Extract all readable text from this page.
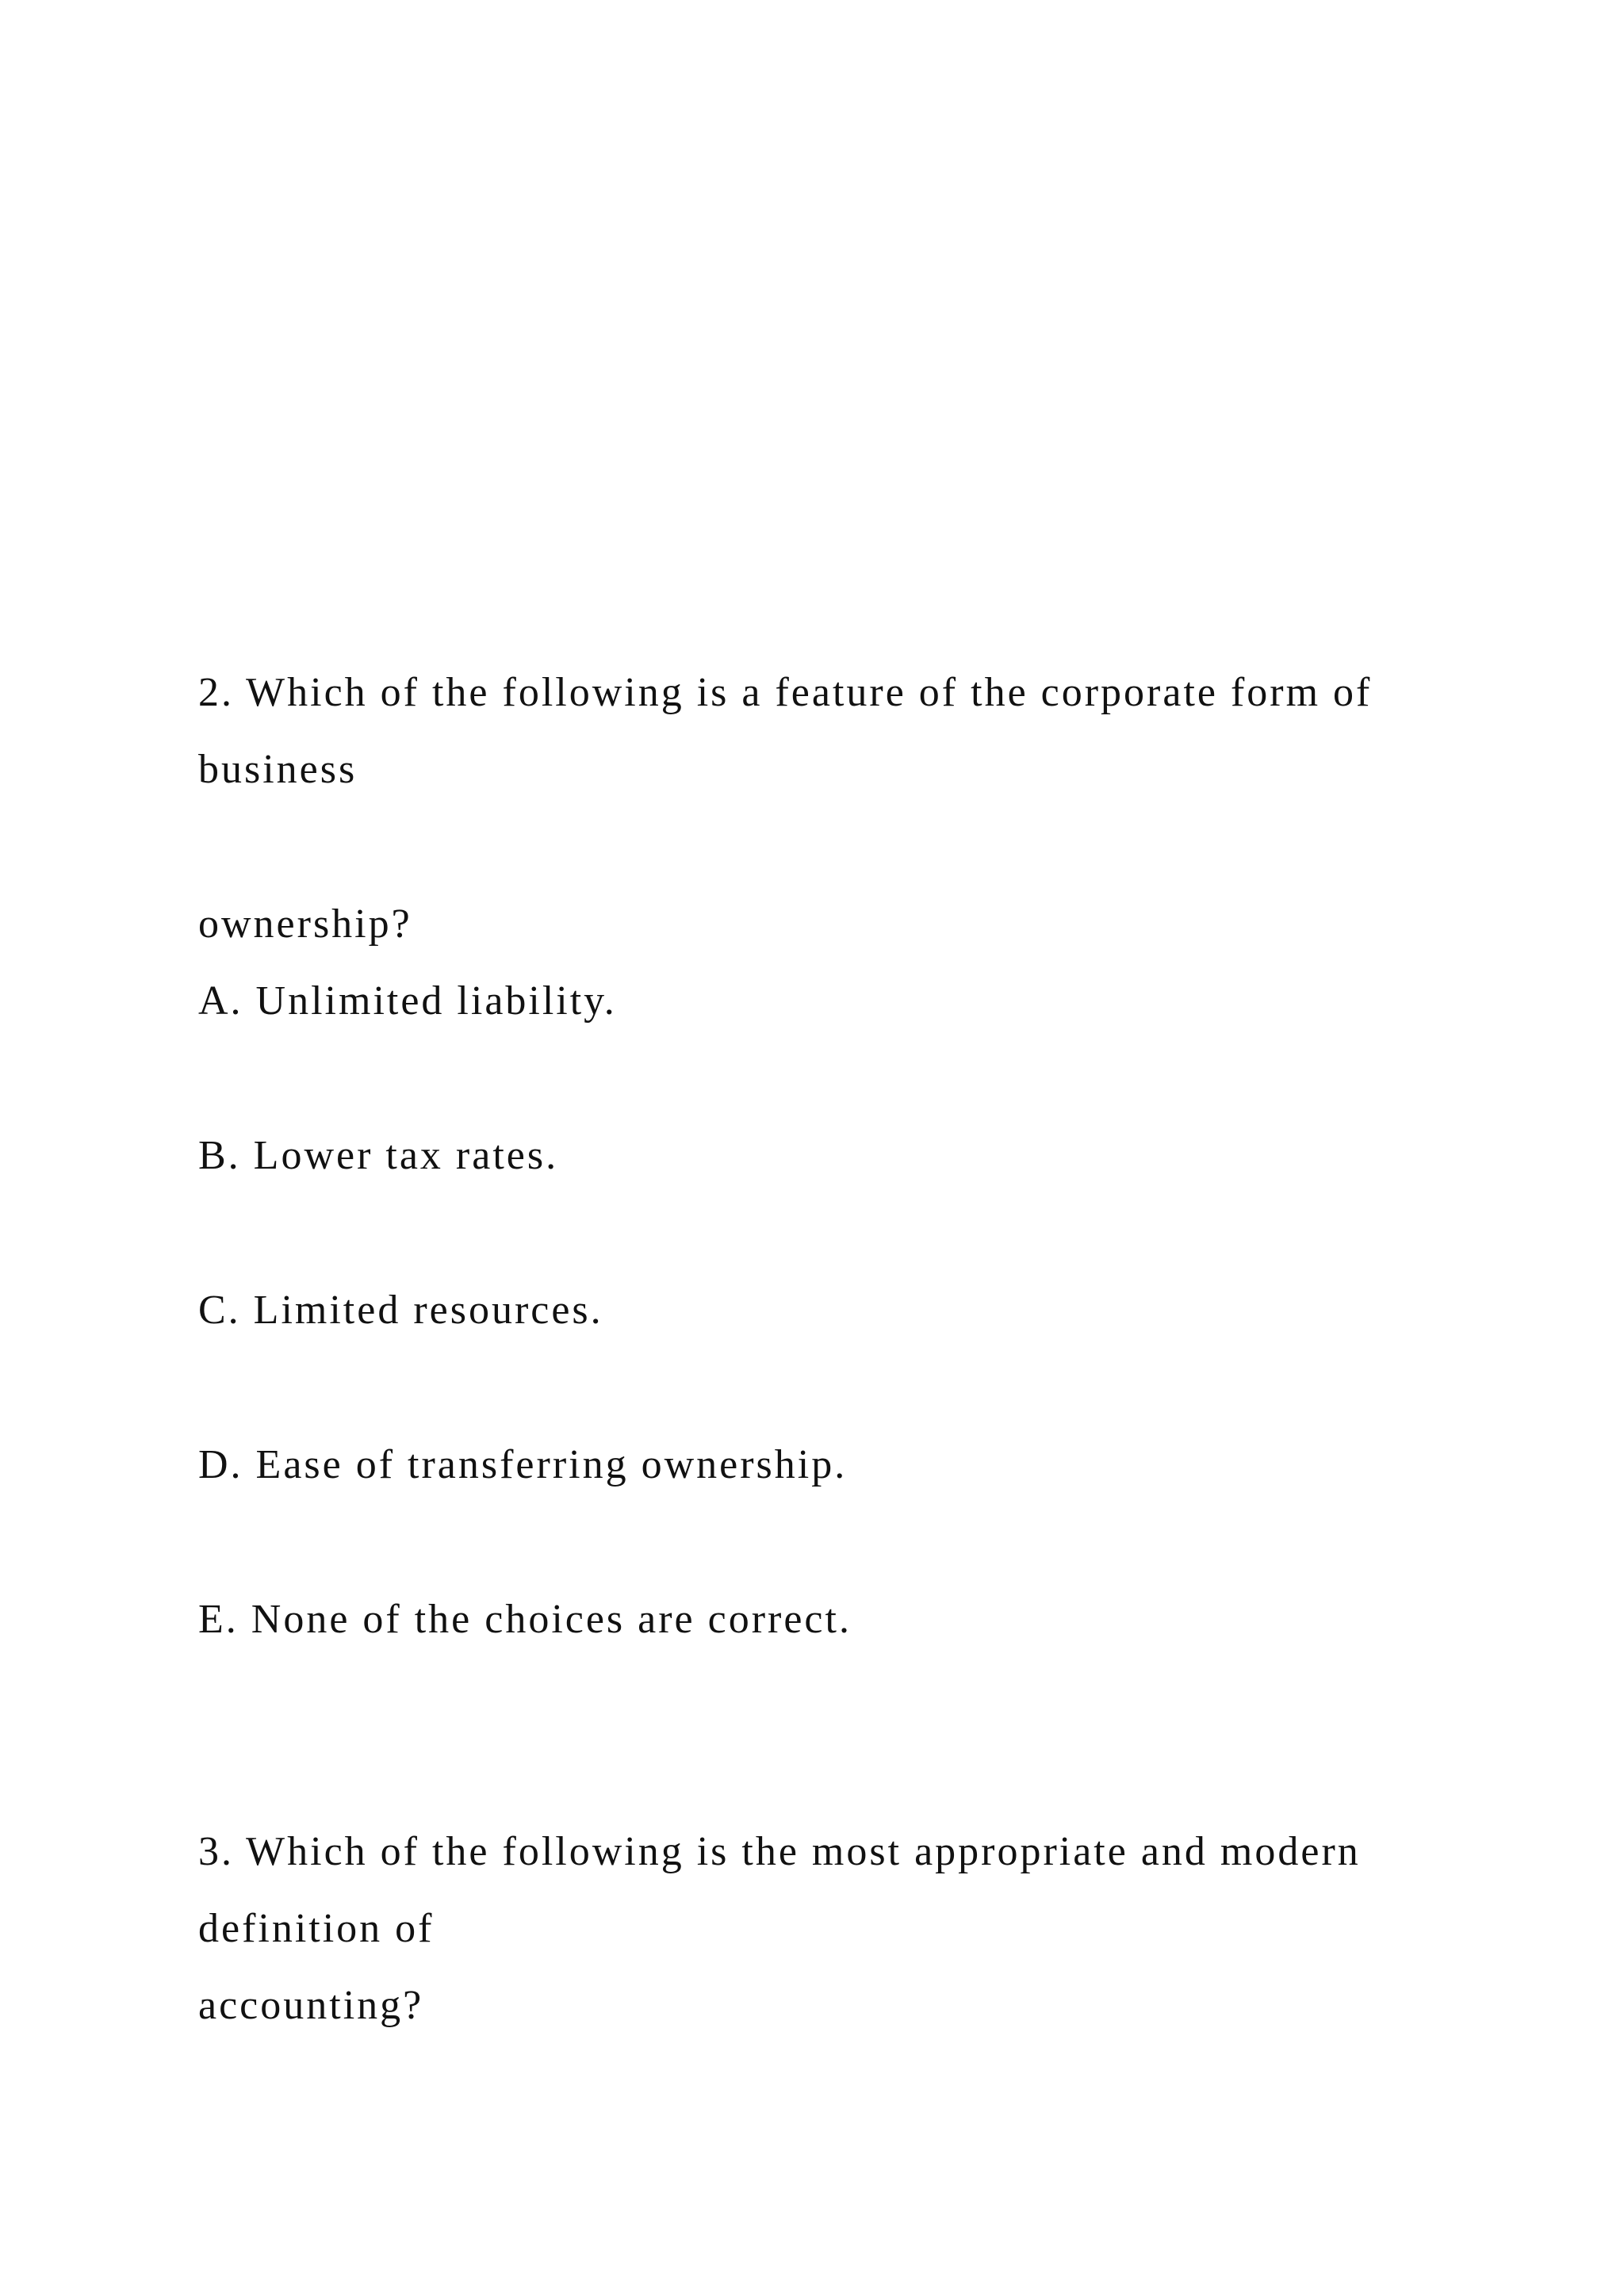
2. Which of the following is a feature of the corporate form of
business
ownership?
A. Unlimited liability.
B. Lower tax rates.
C. Limited resources.
D. Ease of transferring ownership.
E. None of the choices are correct.
3. Which of the following is the most appropriate and modern
definition of
accounting?
